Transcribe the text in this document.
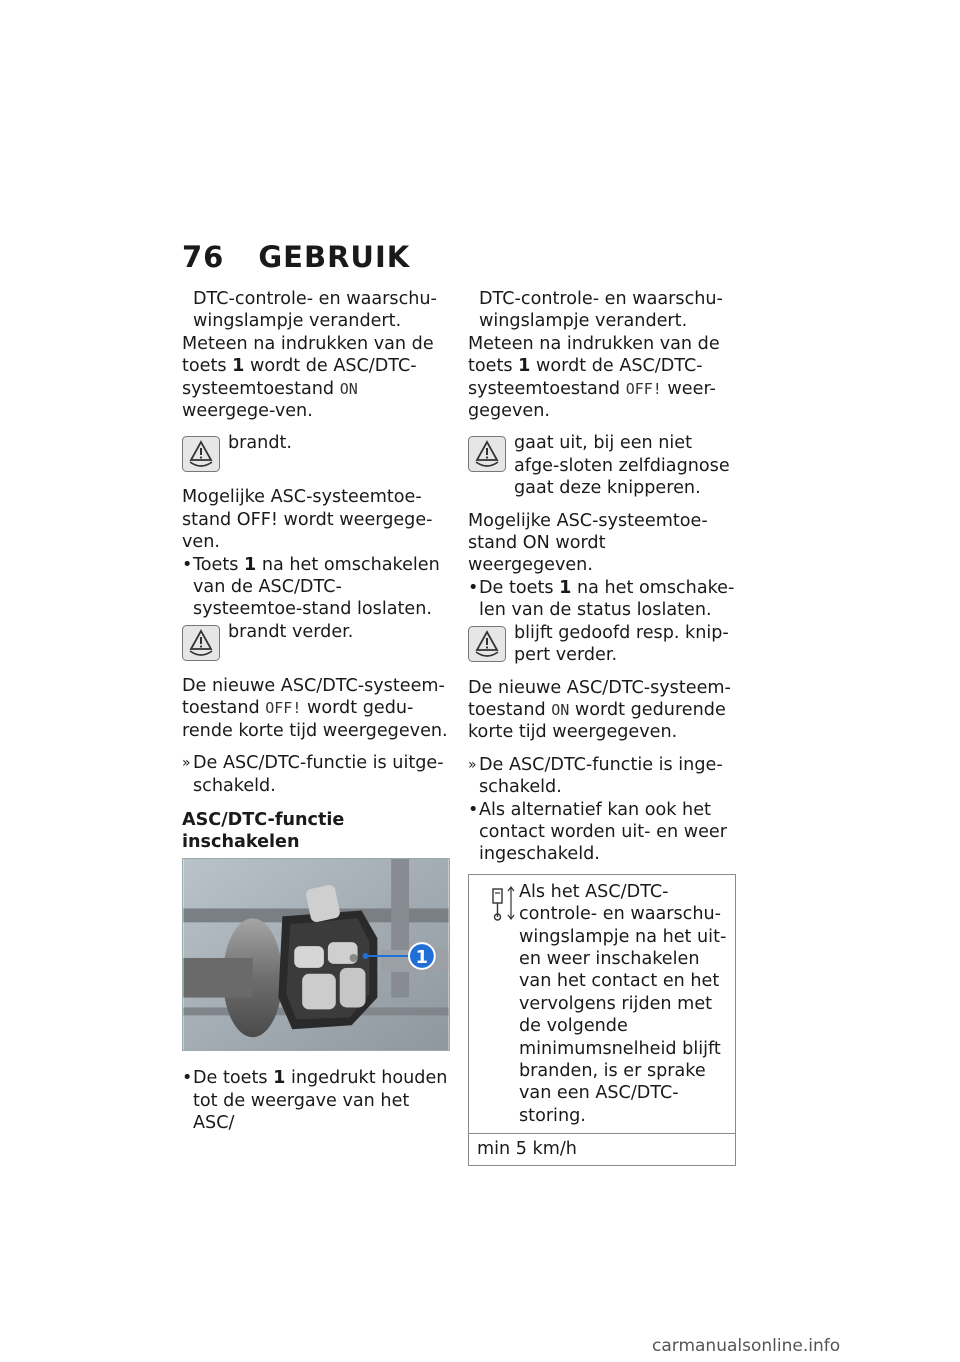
76 GEBRUIK

DTC-controle- en waarschu-wingslampje verandert.

Meteen na indrukken van de toets 1 wordt de ASC/DTC-systeemtoestand ON weergege-ven.

brandt.

Mogelijke ASC-systeemtoe-stand OFF! wordt weergege-ven.

• Toets 1 na het omschakelen van de ASC/DTC-systeemtoe-stand loslaten.

brandt verder.

De nieuwe ASC/DTC-systeem-toestand OFF! wordt gedu-rende korte tijd weergegeven.

» De ASC/DTC-functie is uitge-schakeld.

ASC/DTC-functie inschakelen

1

• De toets 1 ingedrukt houden tot de weergave van het ASC/

DTC-controle- en waarschu-wingslampje verandert.

Meteen na indrukken van de toets 1 wordt de ASC/DTC-systeemtoestand OFF! weer-gegeven.

gaat uit, bij een niet afge-sloten zelfdiagnose gaat deze knipperen.

Mogelijke ASC-systeemtoe-stand ON wordt weergegeven.

• De toets 1 na het omschake-len van de status loslaten.

blijft gedoofd resp. knip-pert verder.

De nieuwe ASC/DTC-systeem-toestand ON wordt gedurende korte tijd weergegeven.

» De ASC/DTC-functie is inge-schakeld.

• Als alternatief kan ook het contact worden uit- en weer ingeschakeld.

Als het ASC/DTC-controle- en waarschu-wingslampje na het uit- en weer inschakelen van het contact en het vervolgens rijden met de volgende minimumsnelheid blijft branden, is er sprake van een ASC/DTC-storing.

min 5 km/h

carmanualsonline.info
